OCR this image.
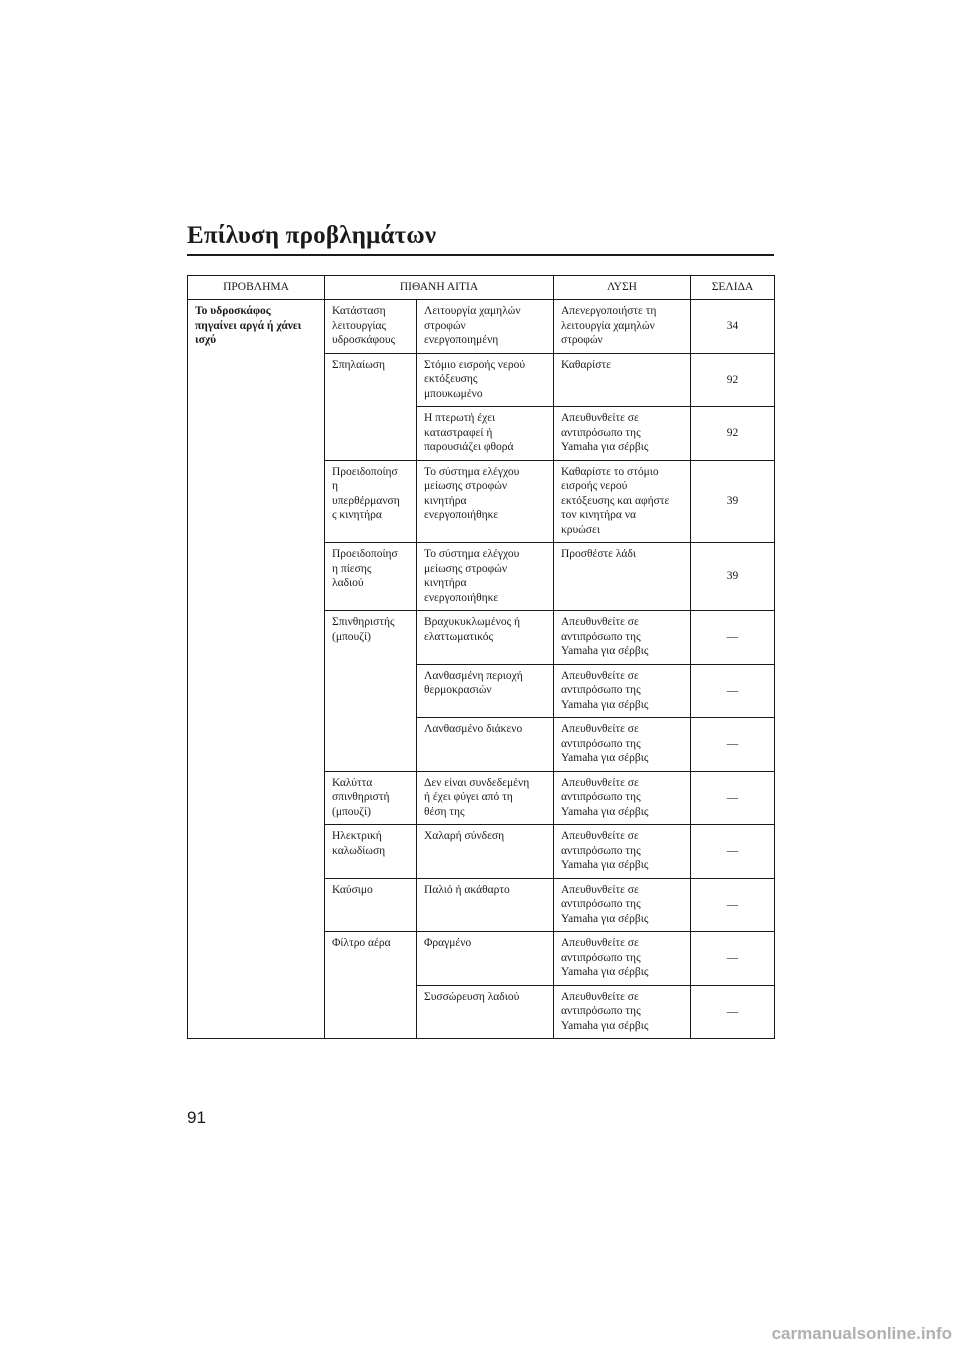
Επίλυση προβλημάτων
ΠΡΟΒΛΗΜΑ	ΠΙΘΑΝΗ ΑΙΤΙΑ		ΛΥΣΗ	ΣΕΛΙΔΑ
Το υδροσκάφος
πηγαίνει αργά ή χάνει
ισχύ	Κατάσταση
λειτουργίας
υδροσκάφους	Λειτουργία χαμηλών
στροφών
ενεργοποιημένη	Απενεργοποιήστε τη
λειτουργία χαμηλών
στροφών	34
	Σπηλαίωση	Στόμιο εισροής νερού
εκτόξευσης
μπουκωμένο	Καθαρίστε	92
		Η πτερωτή έχει
καταστραφεί ή
παρουσιάζει φθορά	Απευθυνθείτε σε
αντιπρόσωπο της
Yamaha για σέρβις	92
	Προειδοποίησ
η
υπερθέρμανση
ς κινητήρα	Το σύστημα ελέγχου
μείωσης στροφών
κινητήρα
ενεργοποιήθηκε	Καθαρίστε το στόμιο
εισροής νερού
εκτόξευσης και αφήστε
τον κινητήρα να
κρυώσει	39
	Προειδοποίησ
η πίεσης
λαδιού	Το σύστημα ελέγχου
μείωσης στροφών
κινητήρα
ενεργοποιήθηκε	Προσθέστε λάδι	39
	Σπινθηριστής
(μπουζί)	Βραχυκυκλωμένος ή
ελαττωματικός	Απευθυνθείτε σε
αντιπρόσωπο της
Yamaha για σέρβις	—
		Λανθασμένη περιοχή
θερμοκρασιών	Απευθυνθείτε σε
αντιπρόσωπο της
Yamaha για σέρβις	—
		Λανθασμένο διάκενο	Απευθυνθείτε σε
αντιπρόσωπο της
Yamaha για σέρβις	—
	Καλύττα
σπινθηριστή
(μπουζί)	Δεν είναι συνδεδεμένη
ή έχει φύγει από τη
θέση της	Απευθυνθείτε σε
αντιπρόσωπο της
Yamaha για σέρβις	—
	Ηλεκτρική
καλωδίωση	Χαλαρή σύνδεση	Απευθυνθείτε σε
αντιπρόσωπο της
Yamaha για σέρβις	—
	Καύσιμο	Παλιό ή ακάθαρτο	Απευθυνθείτε σε
αντιπρόσωπο της
Yamaha για σέρβις	—
	Φίλτρο αέρα	Φραγμένο	Απευθυνθείτε σε
αντιπρόσωπο της
Yamaha για σέρβις	—
		Συσσώρευση λαδιού	Απευθυνθείτε σε
αντιπρόσωπο της
Yamaha για σέρβις	—
91
carmanualsonline.info
